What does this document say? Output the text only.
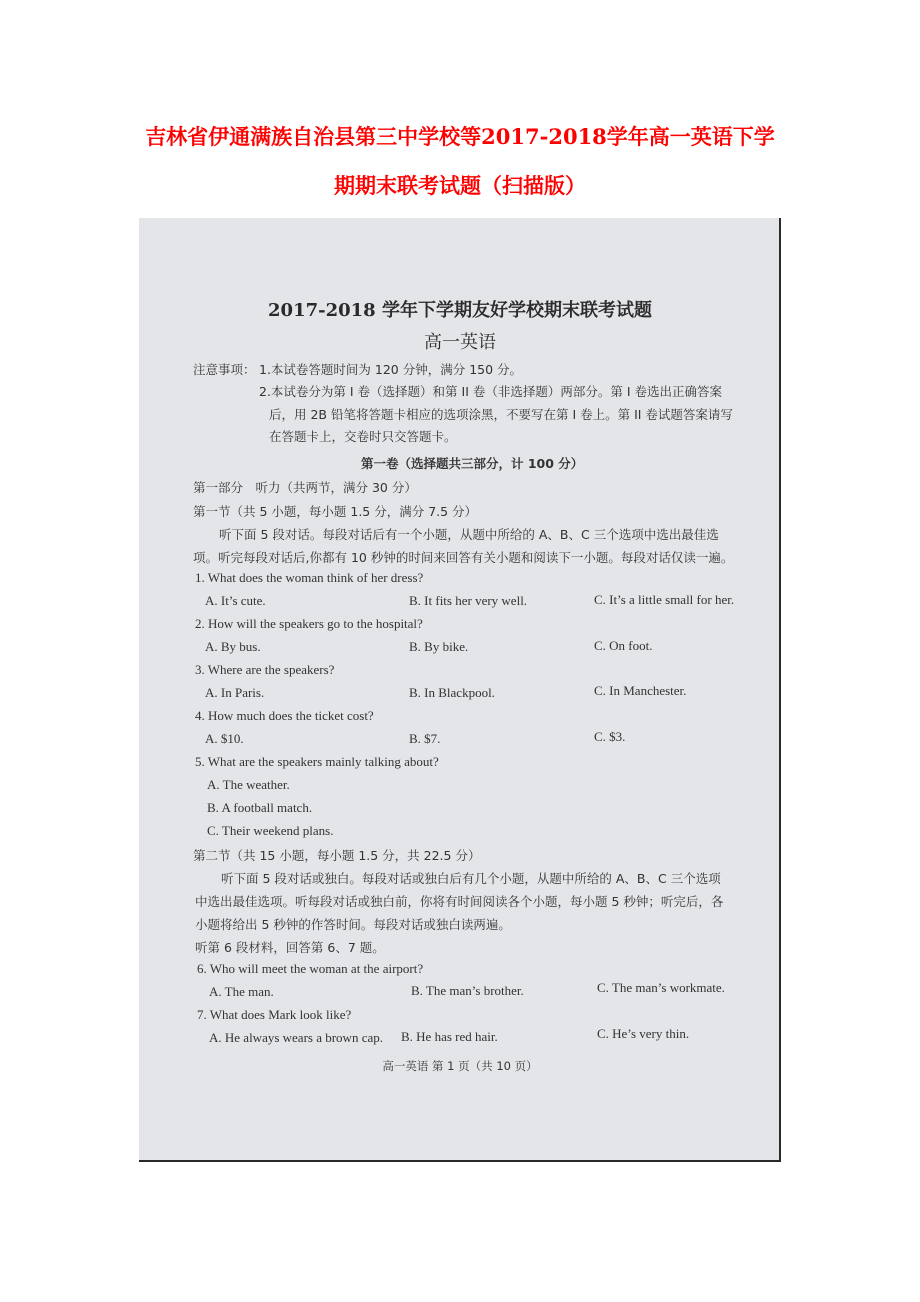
吉林省伊通满族自治县第三中学校等2017-2018学年高一英语下学
期期末联考试题（扫描版）
2017-2018 学年下学期友好学校期末联考试题
高一英语
注意事项： 1.本试卷答题时间为 120 分钟，满分 150 分。
2.本试卷分为第 I 卷（选择题）和第 II 卷（非选择题）两部分。第 I 卷选出正确答案
后，用 2B 铅笔将答题卡相应的选项涂黑，不要写在第 I 卷上。第 II 卷试题答案请写
在答题卡上，交卷时只交答题卡。
第一卷（选择题共三部分，计 100 分）
第一部分　听力（共两节，满分 30 分）
第一节（共 5 小题，每小题 1.5 分，满分 7.5 分）
听下面 5 段对话。每段对话后有一个小题，从题中所给的 A、B、C 三个选项中选出最佳选
项。听完每段对话后,你都有 10 秒钟的时间来回答有关小题和阅读下一小题。每段对话仅读一遍。
1. What does the woman think of her dress?
A. It’s cute.	B. It fits her very well.	C. It’s a little small for her.
2. How will the speakers go to the hospital?
A. By bus.	B. By bike.	C. On foot.
3. Where are the speakers?
A. In Paris.	B. In Blackpool.	C. In Manchester.
4. How much does the ticket cost?
A. $10.	B. $7.	C. $3.
5. What are the speakers mainly talking about?
A. The weather.
B. A football match.
C. Their weekend plans.
第二节（共 15 小题，每小题 1.5 分，共 22.5 分）
听下面 5 段对话或独白。每段对话或独白后有几个小题，从题中所给的 A、B、C 三个选项
中选出最佳选项。听每段对话或独白前，你将有时间阅读各个小题，每小题 5 秒钟；听完后，各
小题将给出 5 秒钟的作答时间。每段对话或独白读两遍。
听第 6 段材料，回答第 6、7 题。
6. Who will meet the woman at the airport?
A. The man.	B. The man’s brother.	C. The man’s workmate.
7. What does Mark look like?
A. He always wears a brown cap. B. He has red hair.	C. He’s very thin.
高一英语 第 1 页（共 10 页）
